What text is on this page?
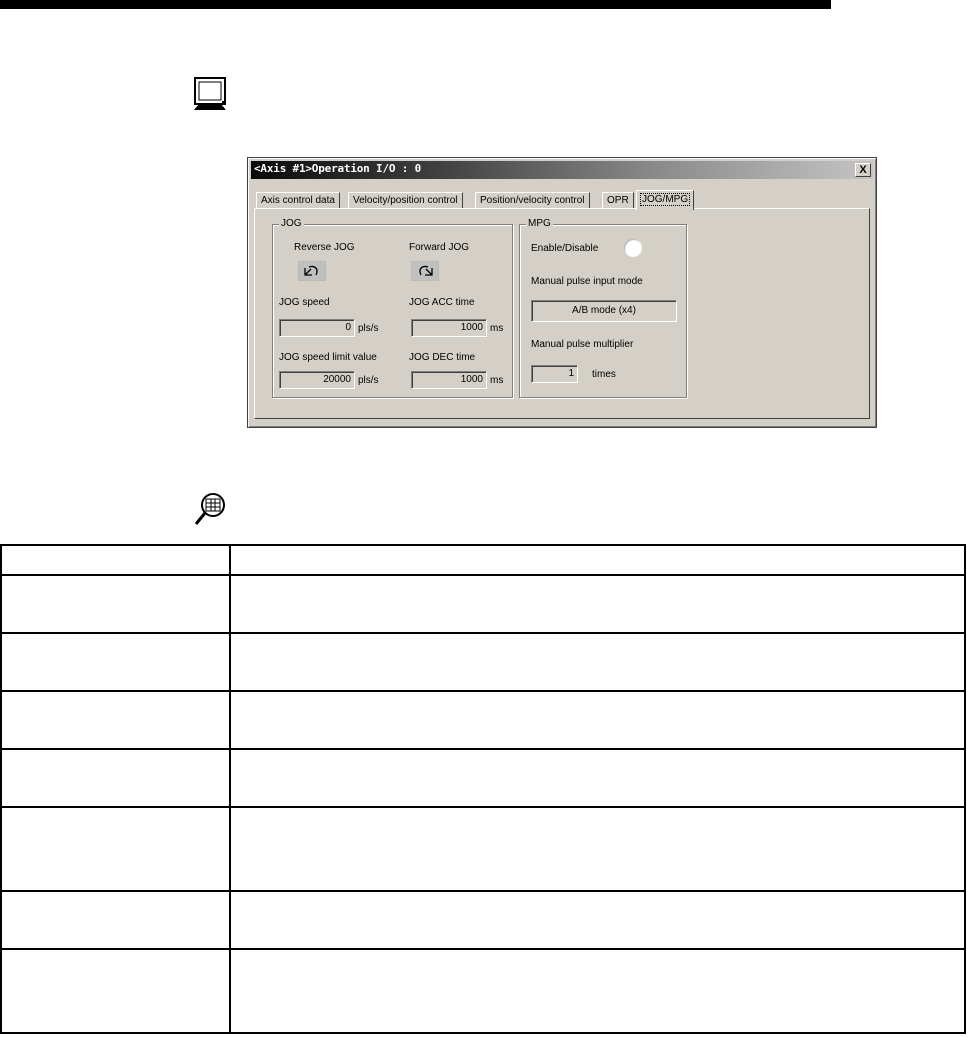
<Axis #1>Operation I/O : 0	X
Axis control data	Velocity/position control	Position/velocity control	OPR	JOG/MPG
JOG
Reverse JOG	Forward JOG
JOG speed	JOG ACC time
0 pls/s	1000 ms
JOG speed limit value	JOG DEC time
20000 pls/s	1000 ms
MPG
Enable/Disable
Manual pulse input mode
A/B mode (x4)
Manual pulse multiplier
1	times
